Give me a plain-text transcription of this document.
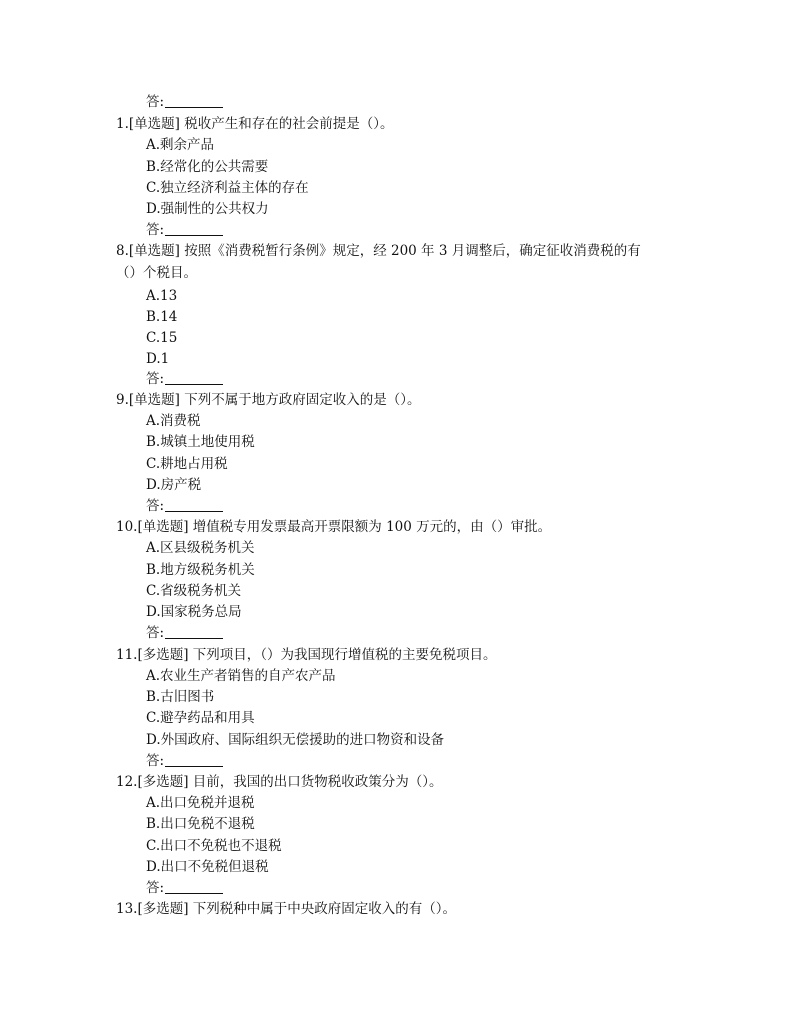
答:
1.[单选题] 税收产生和存在的社会前提是（）。
A.剩余产品
B.经常化的公共需要
C.独立经济利益主体的存在
D.强制性的公共权力
答:
8.[单选题] 按照《消费税暂行条例》规定，经 200 年 3 月调整后，确定征收消费税的有
（）个税目。
A.13
B.14
C.15
D.1
答:
9.[单选题] 下列不属于地方政府固定收入的是（）。
A.消费税
B.城镇土地使用税
C.耕地占用税
D.房产税
答:
10.[单选题] 增值税专用发票最高开票限额为 100 万元的，由（）审批。
A.区县级税务机关
B.地方级税务机关
C.省级税务机关
D.国家税务总局
答:
11.[多选题] 下列项目，（）为我国现行增值税的主要免税项目。
A.农业生产者销售的自产农产品
B.古旧图书
C.避孕药品和用具
D.外国政府、国际组织无偿援助的进口物资和设备
答:
12.[多选题] 目前，我国的出口货物税收政策分为（）。
A.出口免税并退税
B.出口免税不退税
C.出口不免税也不退税
D.出口不免税但退税
答:
13.[多选题] 下列税种中属于中央政府固定收入的有（）。
